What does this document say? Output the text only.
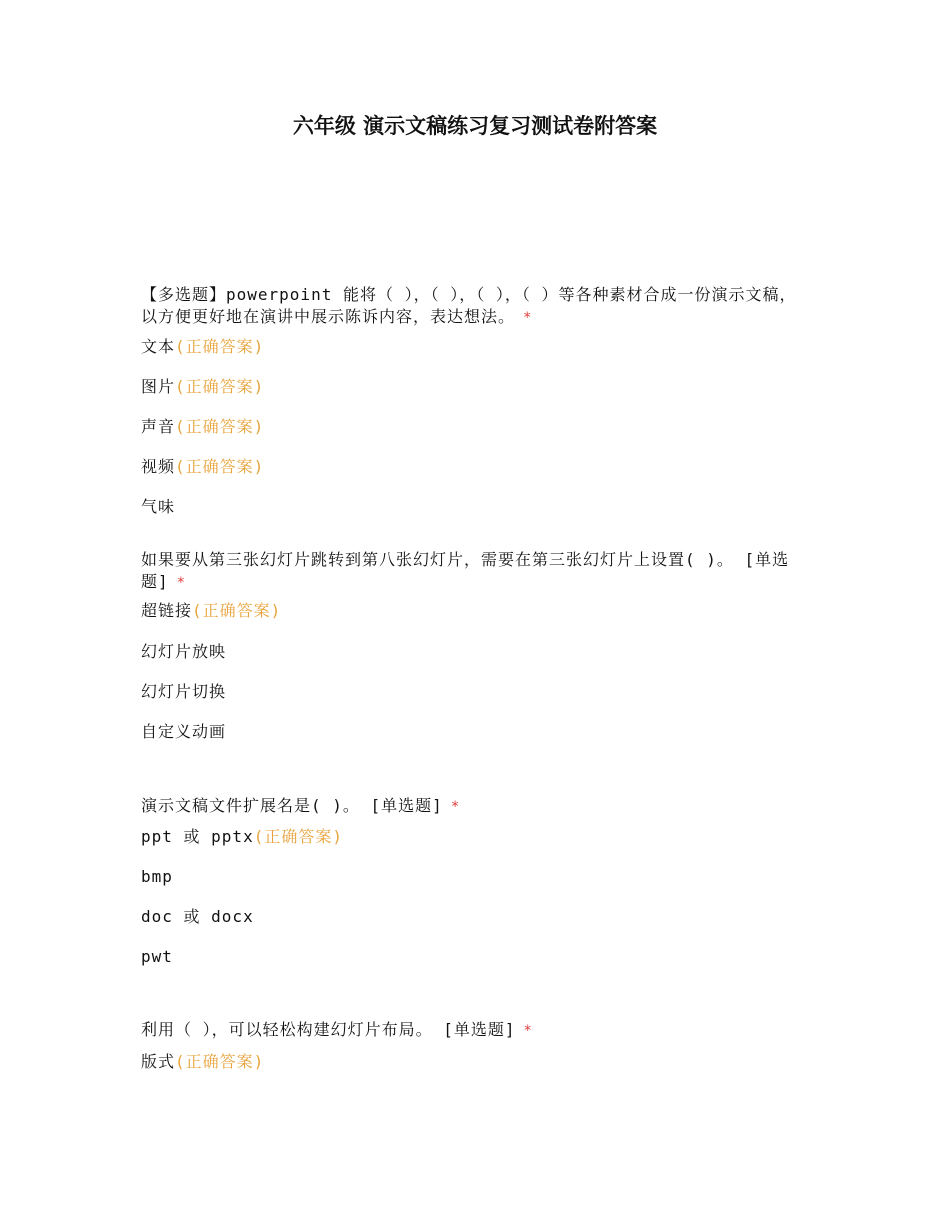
六年级 演示文稿练习复习测试卷附答案
【多选题】powerpoint 能将（ ），（ ），（ ），（ ）等各种素材合成一份演示文稿，以方便更好地在演讲中展示陈诉内容，表达想法。 *
文本(正确答案)
图片(正确答案)
声音(正确答案)
视频(正确答案)
气味
如果要从第三张幻灯片跳转到第八张幻灯片，需要在第三张幻灯片上设置( )。 [单选题] *
超链接(正确答案)
幻灯片放映
幻灯片切换
自定义动画
演示文稿文件扩展名是( )。 [单选题] *
ppt 或 pptx(正确答案)
bmp
doc 或 docx
pwt
利用（ ），可以轻松构建幻灯片布局。 [单选题] *
版式(正确答案)
